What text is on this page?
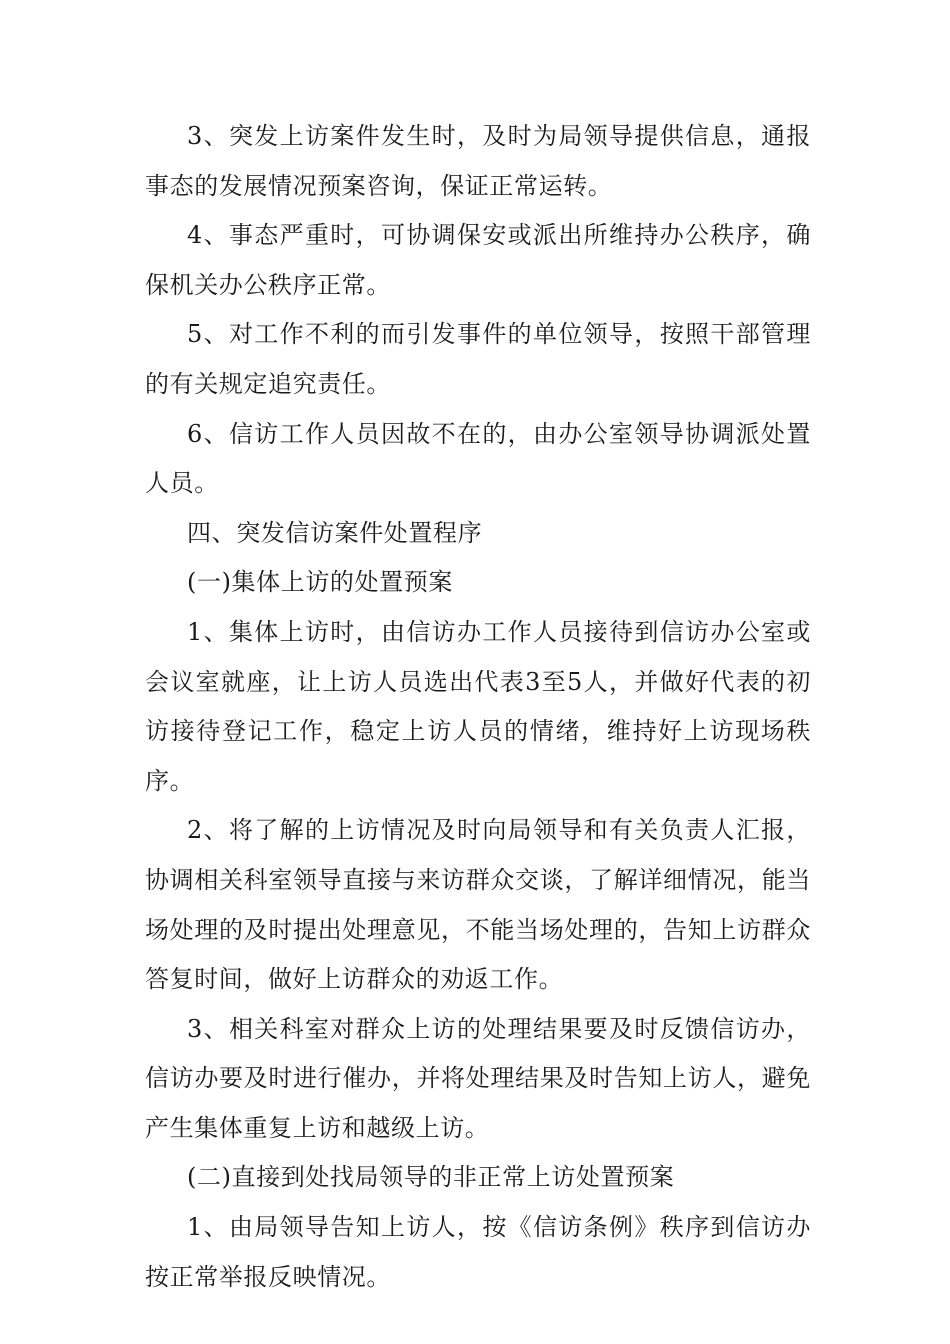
3、突发上访案件发生时，及时为局领导提供信息，通报事态的发展情况预案咨询，保证正常运转。

4、事态严重时，可协调保安或派出所维持办公秩序，确保机关办公秩序正常。

5、对工作不利的而引发事件的单位领导，按照干部管理的有关规定追究责任。

6、信访工作人员因故不在的，由办公室领导协调派处置人员。

四、突发信访案件处置程序

(一)集体上访的处置预案

1、集体上访时，由信访办工作人员接待到信访办公室或会议室就座，让上访人员选出代表3至5人，并做好代表的初访接待登记工作，稳定上访人员的情绪，维持好上访现场秩序。

2、将了解的上访情况及时向局领导和有关负责人汇报，协调相关科室领导直接与来访群众交谈，了解详细情况，能当场处理的及时提出处理意见，不能当场处理的，告知上访群众答复时间，做好上访群众的劝返工作。

3、相关科室对群众上访的处理结果要及时反馈信访办，信访办要及时进行催办，并将处理结果及时告知上访人，避免产生集体重复上访和越级上访。

(二)直接到处找局领导的非正常上访处置预案

1、由局领导告知上访人，按《信访条例》秩序到信访办按正常举报反映情况。
